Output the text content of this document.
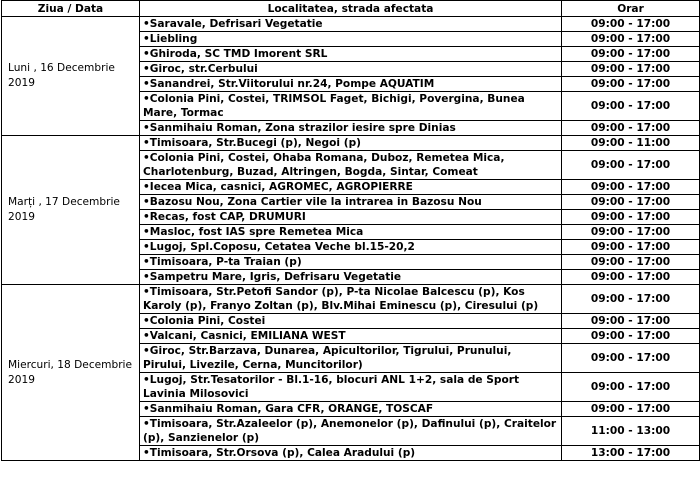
Ziua / Data	Localitatea, strada afectata	Orar
Luni , 16 Decembrie 2019	•Saravale, Defrisari Vegetatie	09:00 - 17:00
	•Liebling	09:00 - 17:00
	•Ghiroda, SC TMD Imorent SRL	09:00 - 17:00
	•Giroc, str.Cerbului	09:00 - 17:00
	•Sanandrei, Str.Viitorului nr.24, Pompe AQUATIM	09:00 - 17:00
	•Colonia Pini, Costei, TRIMSOL Faget, Bichigi, Povergina, Bunea Mare, Tormac	09:00 - 17:00
	•Sanmihaiu Roman, Zona strazilor iesire spre Dinias	09:00 - 17:00
Marți , 17 Decembrie 2019	•Timisoara, Str.Bucegi (p), Negoi (p)	09:00 - 11:00
	•Colonia Pini, Costei, Ohaba Romana, Duboz, Remetea Mica, Charlotenburg, Buzad, Altringen, Bogda, Sintar, Comeat	09:00 - 17:00
	•Iecea Mica, casnici, AGROMEC, AGROPIERRE	09:00 - 17:00
	•Bazosu Nou, Zona Cartier vile la intrarea in Bazosu Nou	09:00 - 17:00
	•Recas, fost CAP, DRUMURI	09:00 - 17:00
	•Masloc, fost IAS spre Remetea Mica	09:00 - 17:00
	•Lugoj, Spl.Coposu, Cetatea Veche bl.15-20,2	09:00 - 17:00
	•Timisoara, P-ta Traian (p)	09:00 - 17:00
	•Sampetru Mare, Igris, Defrisaru Vegetatie	09:00 - 17:00
Miercuri, 18 Decembrie 2019	•Timisoara, Str.Petofi Sandor (p), P-ta Nicolae Balcescu (p), Kos Karoly (p), Franyo Zoltan (p), Blv.Mihai Eminescu (p), Ciresului (p)	09:00 - 17:00
	•Colonia Pini, Costei	09:00 - 17:00
	•Valcani, Casnici, EMILIANA WEST	09:00 - 17:00
	•Giroc, Str.Barzava, Dunarea, Apicultorilor, Tigrului, Prunului, Pirului, Livezile, Cerna, Muncitorilor)	09:00 - 17:00
	•Lugoj, Str.Tesatorilor - Bl.1-16, blocuri ANL 1+2, sala de Sport Lavinia Milosovici	09:00 - 17:00
	•Sanmihaiu Roman, Gara CFR, ORANGE, TOSCAF	09:00 - 17:00
	•Timisoara, Str.Azaleelor (p), Anemonelor (p), Dafinului (p), Craitelor (p), Sanzienelor (p)	11:00 - 13:00
	•Timisoara, Str.Orsova (p), Calea Aradului (p)	13:00 - 17:00
